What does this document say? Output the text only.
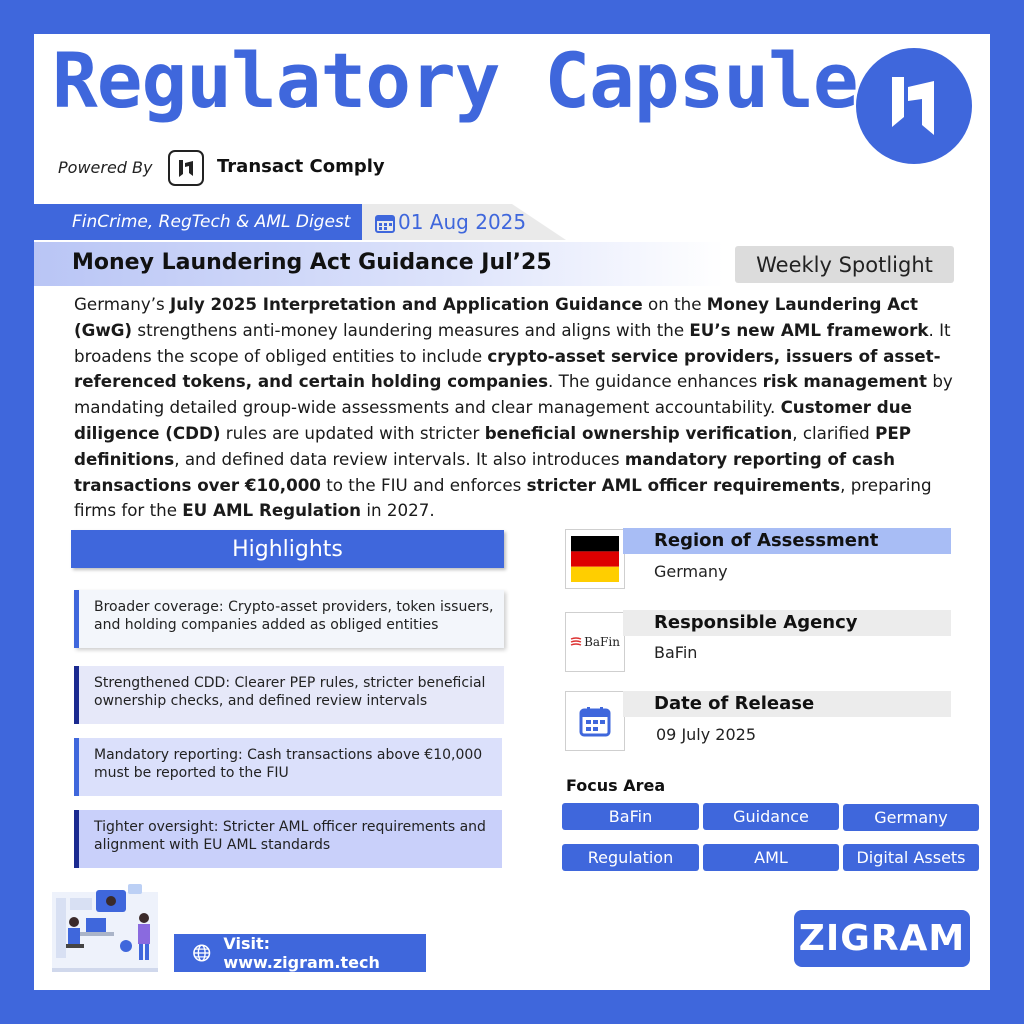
Regulatory Capsule
Powered By	Transact Comply
FinCrime, RegTech & AML Digest 01 Aug 2025
Money Laundering Act Guidance Jul’25	Weekly Spotlight
Germany’s July 2025 Interpretation and Application Guidance on the Money Laundering Act (GwG) strengthens anti-money laundering measures and aligns with the EU’s new AML framework. It broadens the scope of obliged entities to include crypto-asset service providers, issuers of asset-referenced tokens, and certain holding companies. The guidance enhances risk management by mandating detailed group-wide assessments and clear management accountability. Customer due diligence (CDD) rules are updated with stricter beneficial ownership verification, clarified PEP definitions, and defined data review intervals. It also introduces mandatory reporting of cash transactions over €10,000 to the FIU and enforces stricter AML officer requirements, preparing firms for the EU AML Regulation in 2027.
Highlights
Broader coverage: Crypto-asset providers, token issuers, and holding companies added as obliged entities
Strengthened CDD: Clearer PEP rules, stricter beneficial ownership checks, and defined review intervals
Mandatory reporting: Cash transactions above €10,000 must be reported to the FIU
Tighter oversight: Stricter AML officer requirements and alignment with EU AML standards
Region of Assessment
Germany
BaFin
Responsible Agency
BaFin
Date of Release
09 July 2025
Focus Area
BaFin	Guidance	Germany
Regulation	AML	Digital Assets
Visit: www.zigram.tech
ZIGRAM
